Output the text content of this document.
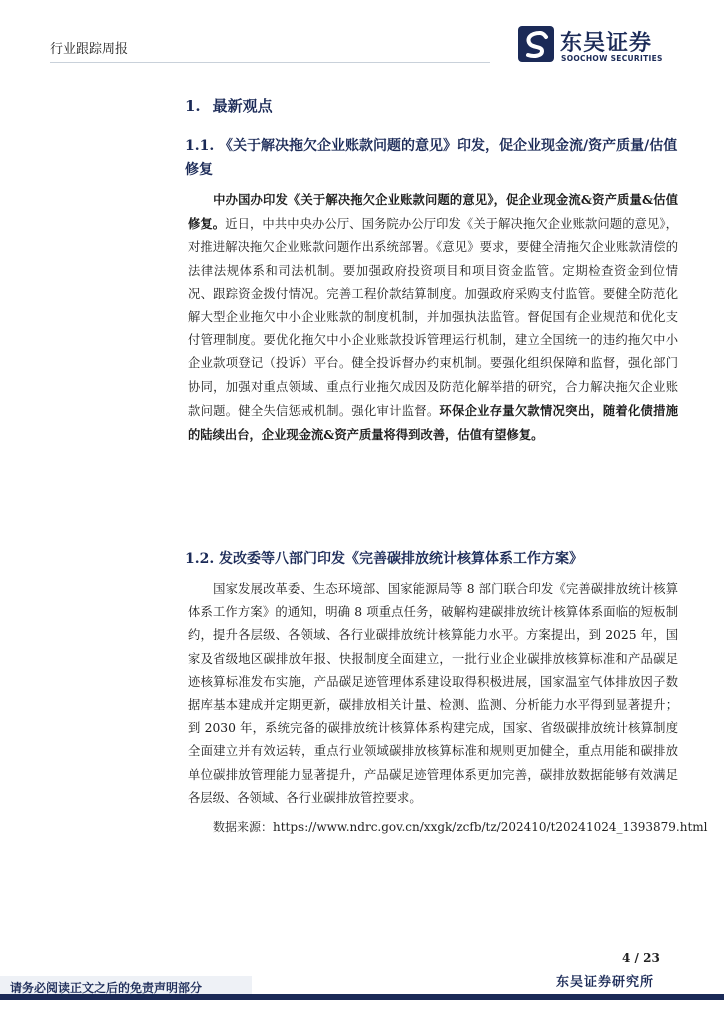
行业跟踪周报	东吴证券
SOOCHOW SECURITIES
1. 最新观点
1.1. 《关于解决拖欠企业账款问题的意见》印发，促企业现金流/资产质量/估值修复
中办国办印发《关于解决拖欠企业账款问题的意见》，促企业现金流&资产质量&估值修复。近日，中共中央办公厅、国务院办公厅印发《关于解决拖欠企业账款问题的意见》，对推进解决拖欠企业账款问题作出系统部署。《意见》要求，要健全清拖欠企业账款清偿的法律法规体系和司法机制。要加强政府投资项目和项目资金监管。定期检查资金到位情况、跟踪资金拨付情况。完善工程价款结算制度。加强政府采购支付监管。要健全防范化解大型企业拖欠中小企业账款的制度机制，并加强执法监管。督促国有企业规范和优化支付管理制度。要优化拖欠中小企业账款投诉管理运行机制，建立全国统一的违约拖欠中小企业款项登记（投诉）平台。健全投诉督办约束机制。要强化组织保障和监督，强化部门协同，加强对重点领域、重点行业拖欠成因及防范化解举措的研究，合力解决拖欠企业账款问题。健全失信惩戒机制。强化审计监督。环保企业存量欠款情况突出，随着化债措施的陆续出台，企业现金流&资产质量将得到改善，估值有望修复。
1.2. 发改委等八部门印发《完善碳排放统计核算体系工作方案》
国家发展改革委、生态环境部、国家能源局等 8 部门联合印发《完善碳排放统计核算体系工作方案》的通知，明确 8 项重点任务，破解构建碳排放统计核算体系面临的短板制约，提升各层级、各领域、各行业碳排放统计核算能力水平。方案提出，到 2025 年，国家及省级地区碳排放年报、快报制度全面建立，一批行业企业碳排放核算标准和产品碳足迹核算标准发布实施，产品碳足迹管理体系建设取得积极进展，国家温室气体排放因子数据库基本建成并定期更新，碳排放相关计量、检测、监测、分析能力水平得到显著提升；到 2030 年，系统完备的碳排放统计核算体系构建完成，国家、省级碳排放统计核算制度全面建立并有效运转，重点行业领域碳排放核算标准和规则更加健全，重点用能和碳排放单位碳排放管理能力显著提升，产品碳足迹管理体系更加完善，碳排放数据能够有效满足各层级、各领域、各行业碳排放管控要求。
数据来源：https://www.ndrc.gov.cn/xxgk/zcfb/tz/202410/t20241024_1393879.html
4 / 23
请务必阅读正文之后的免责声明部分	东吴证券研究所
